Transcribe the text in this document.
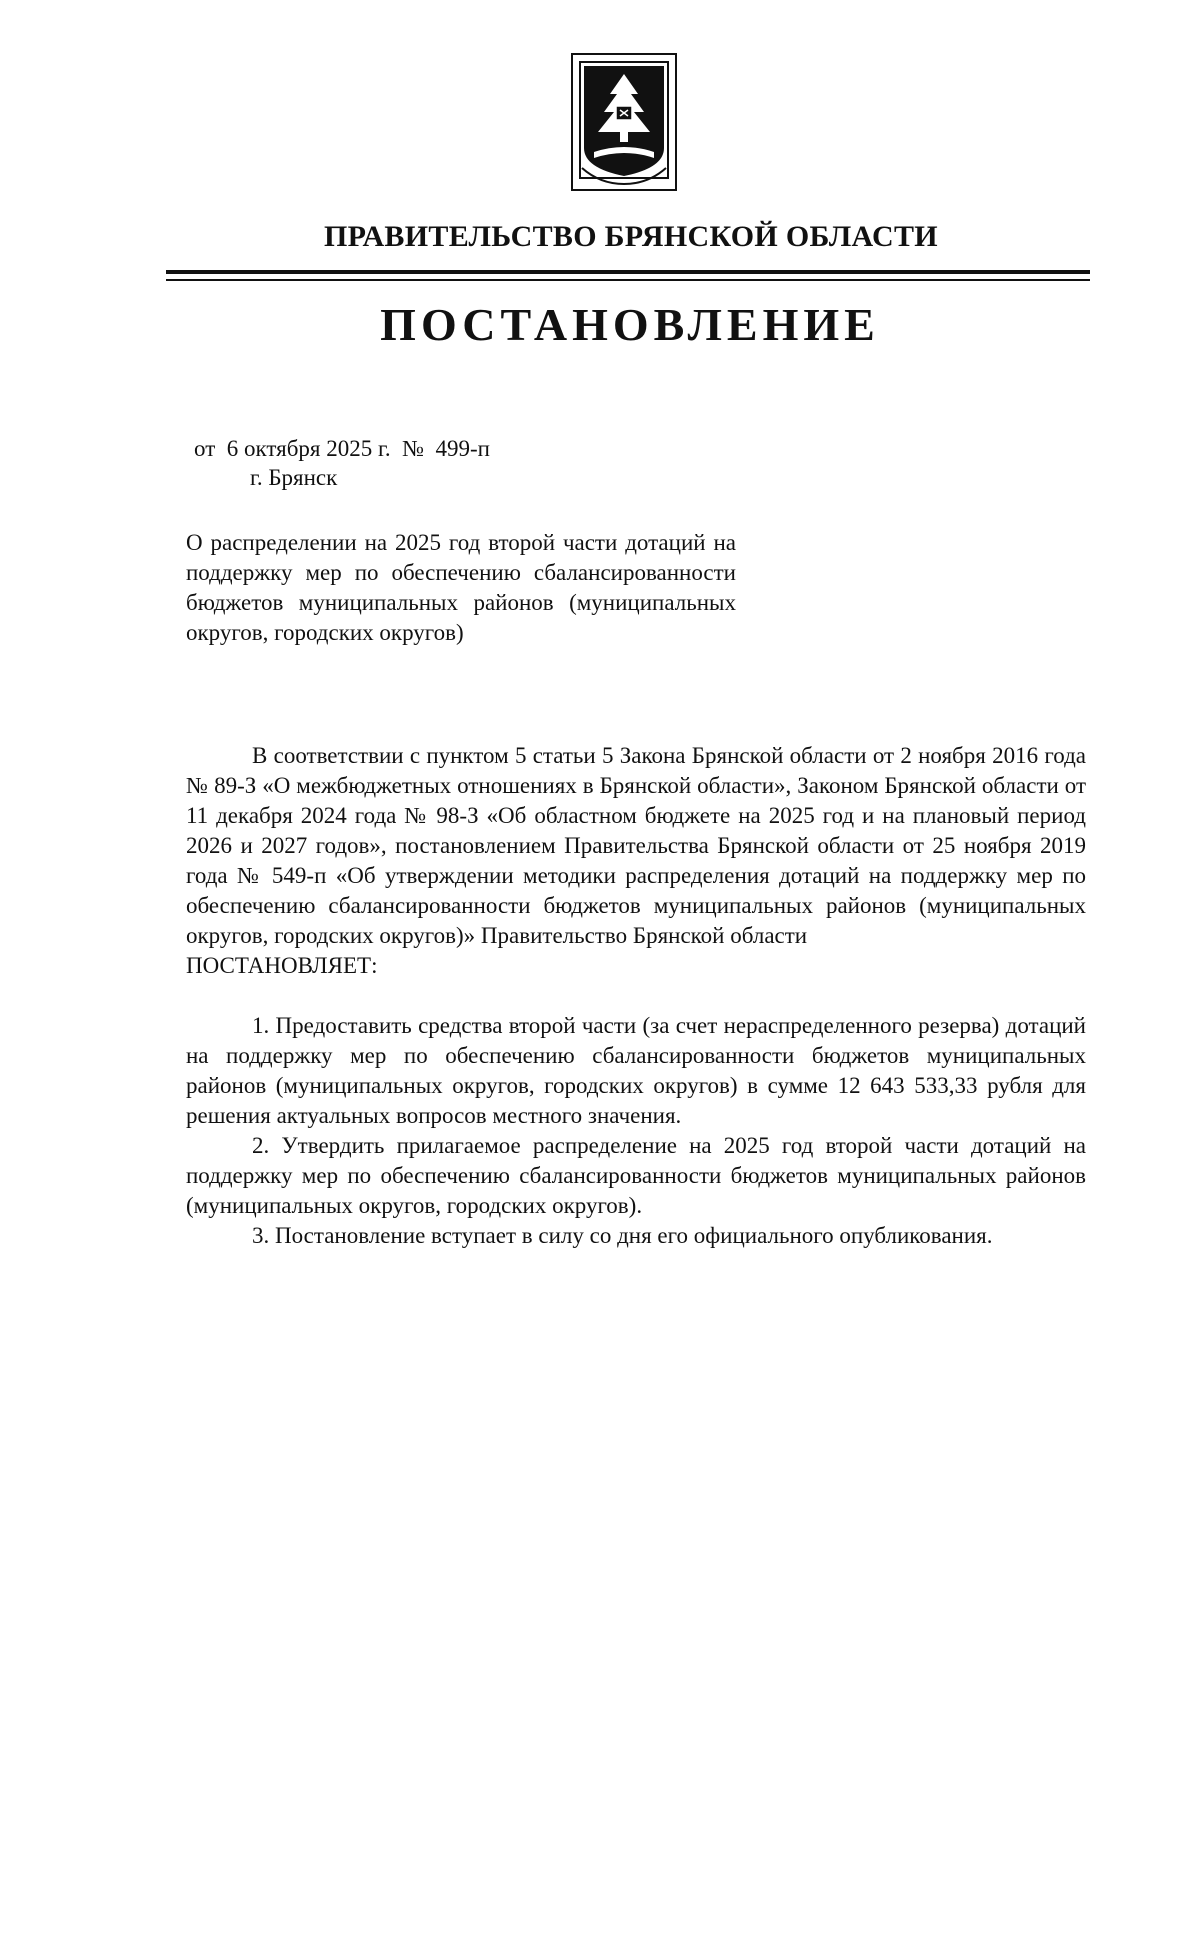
ПРАВИТЕЛЬСТВО БРЯНСКОЙ ОБЛАСТИ
ПОСТАНОВЛЕНИЕ
от  6 октября 2025 г.  №  499-п
г. Брянск
О распределении на 2025 год второй части дотаций на поддержку мер по обеспечению сбалансированности бюджетов муниципальных районов (муниципальных округов, городских округов)

В соответствии с пунктом 5 статьи 5 Закона Брянской области от 2 ноября 2016 года № 89-З «О межбюджетных отношениях в Брянской области», Законом Брянской области от 11 декабря 2024 года № 98-З «Об областном бюджете на 2025 год и на плановый период 2026 и 2027 годов», постановлением Правительства Брянской области от 25 ноября 2019 года № 549-п «Об утверждении методики распределения дотаций на поддержку мер по обеспечению сбалансированности бюджетов муниципальных районов (муниципальных округов, городских округов)» Правительство Брянской области

ПОСТАНОВЛЯЕТ:

1. Предоставить средства второй части (за счет нераспределенного резерва) дотаций на поддержку мер по обеспечению сбалансированности бюджетов муниципальных районов (муниципальных округов, городских округов) в сумме 12 643 533,33 рубля для решения актуальных вопросов местного значения.

2. Утвердить прилагаемое распределение на 2025 год второй части дотаций на поддержку мер по обеспечению сбалансированности бюджетов муниципальных районов (муниципальных округов, городских округов).

3. Постановление вступает в силу со дня его официального опубликования.
